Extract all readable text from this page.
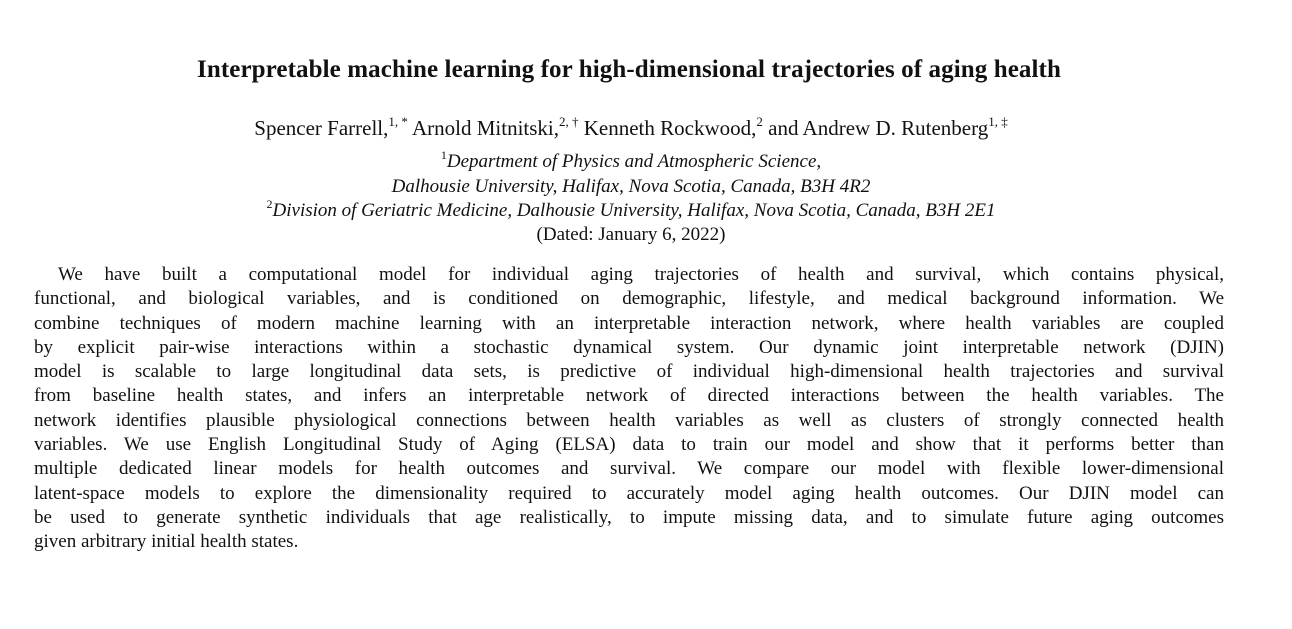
Interpretable machine learning for high-dimensional trajectories of aging health
Spencer Farrell,$^{1, *}$ Arnold Mitnitski,$^{2, \dagger}$ Kenneth Rockwood,$^2$ and Andrew D. Rutenberg$^{1, \ddagger}$
$^1$Department of Physics and Atmospheric Science,
Dalhousie University, Halifax, Nova Scotia, Canada, B3H 4R2
$^2$Division of Geriatric Medicine, Dalhousie University, Halifax, Nova Scotia, Canada, B3H 2E1
(Dated: January 6, 2022)
We have built a computational model for individual aging trajectories of health and survival, which contains physical,
functional, and biological variables, and is conditioned on demographic, lifestyle, and medical background information. We
combine techniques of modern machine learning with an interpretable interaction network, where health variables are coupled
by explicit pair-wise interactions within a stochastic dynamical system. Our dynamic joint interpretable network (DJIN)
model is scalable to large longitudinal data sets, is predictive of individual high-dimensional health trajectories and survival
from baseline health states, and infers an interpretable network of directed interactions between the health variables. The
network identifies plausible physiological connections between health variables as well as clusters of strongly connected health
variables. We use English Longitudinal Study of Aging (ELSA) data to train our model and show that it performs better than
multiple dedicated linear models for health outcomes and survival. We compare our model with flexible lower-dimensional
latent-space models to explore the dimensionality required to accurately model aging health outcomes. Our DJIN model can
be used to generate synthetic individuals that age realistically, to impute missing data, and to simulate future aging outcomes
given arbitrary initial health states.
